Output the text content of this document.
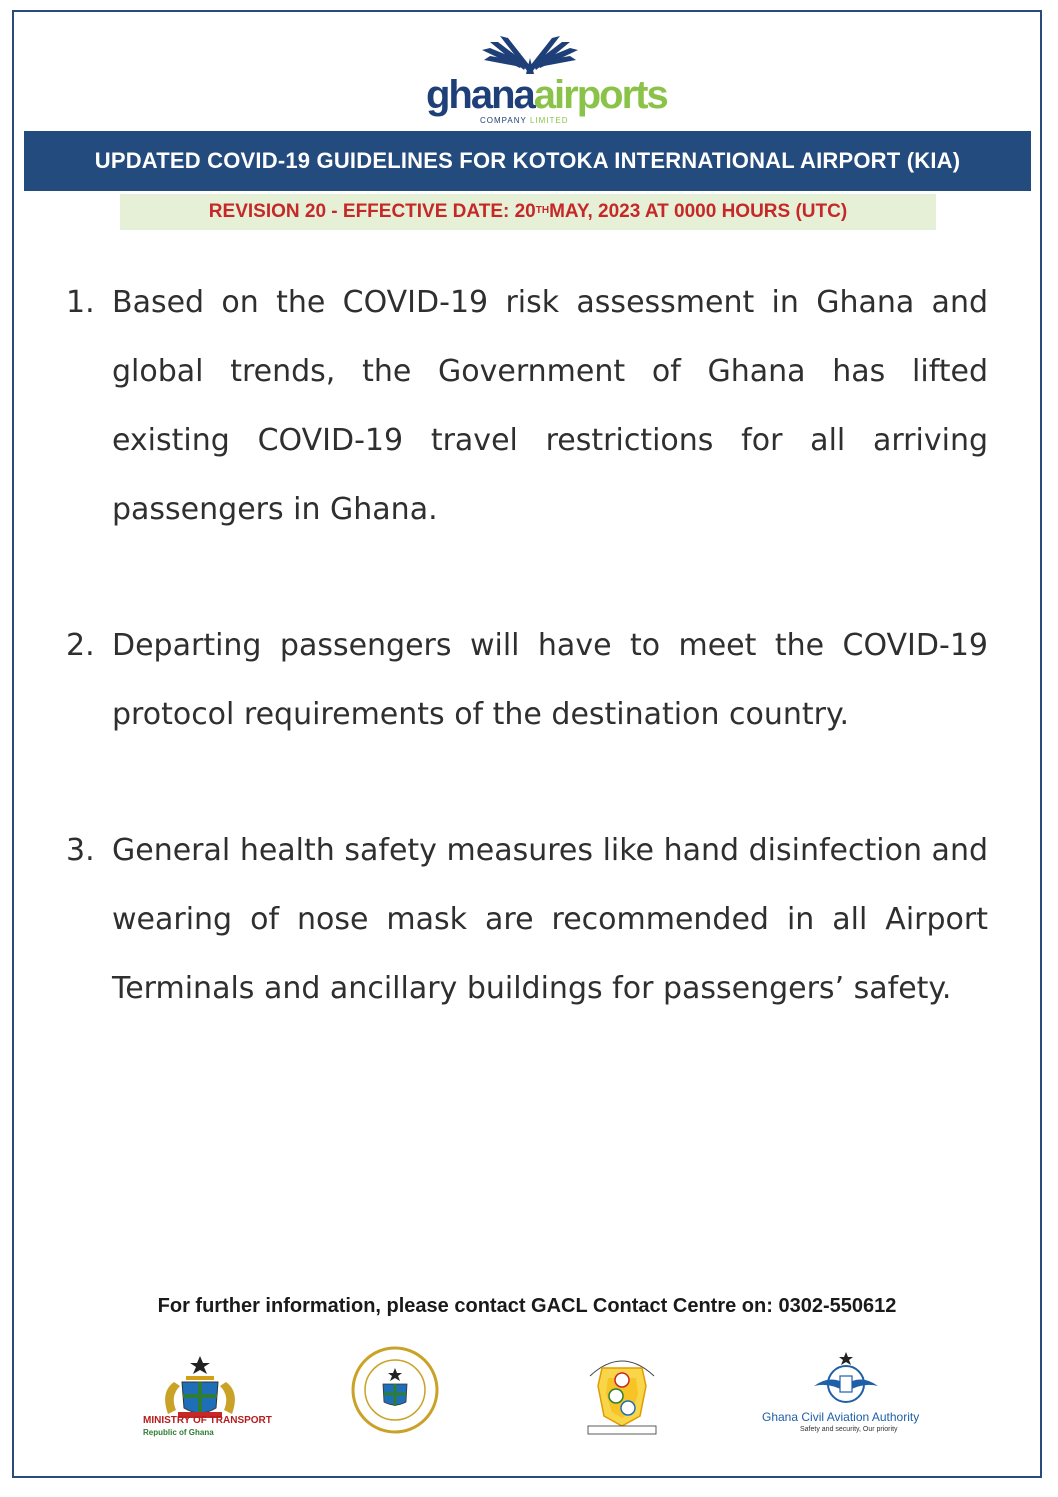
ghanaairports
COMPANY LIMITED
UPDATED COVID-19 GUIDELINES FOR KOTOKA INTERNATIONAL AIRPORT (KIA)
REVISION 20 - EFFECTIVE DATE: 20TH MAY, 2023 AT 0000 HOURS (UTC)
1. Based on the COVID-19 risk assessment in Ghana and global trends, the Government of Ghana has lifted existing COVID-19 travel restrictions for all arriving passengers in Ghana.
2. Departing passengers will have to meet the COVID-19 protocol requirements of the destination country.
3. General health safety measures like hand disinfection and wearing of nose mask are recommended in all Airport Terminals and ancillary buildings for passengers’ safety.
For further information, please contact GACL Contact Centre on: 0302-550612
MINISTRY OF TRANSPORT
Republic of Ghana
Ghana Civil Aviation Authority
Safety and security, Our priority
